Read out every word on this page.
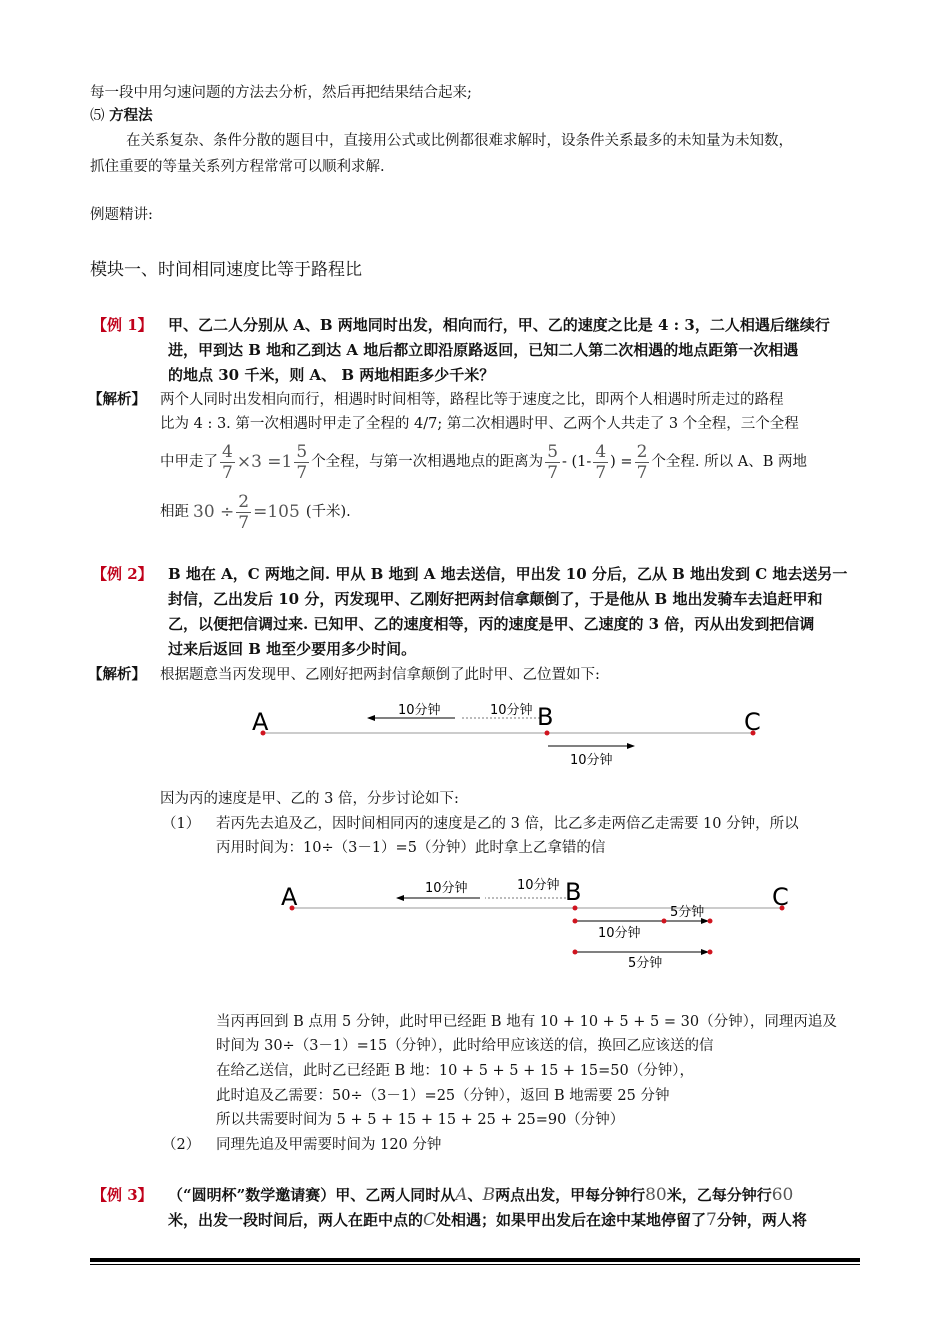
每一段中用匀速问题的方法去分析，然后再把结果结合起来;
⑸ 方程法
在关系复杂、条件分散的题目中，直接用公式或比例都很难求解时，设条件关系最多的未知量为未知数，
抓住重要的等量关系列方程常常可以顺利求解.
例题精讲:
模块一、时间相同速度比等于路程比
【例 1】 甲、乙二人分别从 A、B 两地同时出发，相向而行，甲、乙的速度之比是 4 : 3，二人相遇后继续行
进，甲到达 B 地和乙到达 A 地后都立即沿原路返回，已知二人第二次相遇的地点距第一次相遇
的地点 30 千米，则 A、 B 两地相距多少千米？
【解析】 两个人同时出发相向而行，相遇时时间相等，路程比等于速度之比，即两个人相遇时所走过的路程
比为 4 : 3. 第一次相遇时甲走了全程的 4/7; 第二次相遇时甲、乙两个人共走了 3 个全程，三个全程
中甲走了 $\frac{4}{7} \times 3 =1 \frac{5}{7}$ 个全程，与第一次相遇地点的距离为 $\frac{5}{7} - (1- \frac{4}{7}$ ) = $\frac{2}{7}$ 个全程. 所以 A、B 两地
相距 $30 \div \frac{2}{7} =105$ (千米).
【例 2】 B 地在 A，C 两地之间. 甲从 B 地到 A 地去送信，甲出发 10 分后，乙从 B 地出发到 C 地去送另一
封信，乙出发后 10 分，丙发现甲、乙刚好把两封信拿颠倒了，于是他从 B 地出发骑车去追赶甲和
乙，以便把信调过来. 已知甲、乙的速度相等，丙的速度是甲、乙速度的 3 倍，丙从出发到把信调
过来后返回 B 地至少要用多少时间。
【解析】 根据题意当丙发现甲、乙刚好把两封信拿颠倒了此时甲、乙位置如下:
A	B	C
10分钟	10分钟
10分钟
因为丙的速度是甲、乙的 3 倍，分步讨论如下:
（1） 若丙先去追及乙，因时间相同丙的速度是乙的 3 倍，比乙多走两倍乙走需要 10 分钟，所以
丙用时间为：10÷（3－1）=5（分钟）此时拿上乙拿错的信
A	B	C
10分钟	10分钟
5分钟
10分钟
5分钟
当丙再回到 B 点用 5 分钟，此时甲已经距 B 地有 10 + 10 + 5 + 5 = 30（分钟），同理丙追及
时间为 30÷（3－1）=15（分钟），此时给甲应该送的信，换回乙应该送的信
在给乙送信，此时乙已经距 B 地：10 + 5 + 5 + 15 + 15=50（分钟），
此时追及乙需要：50÷（3－1）=25（分钟），返回 B 地需要 25 分钟
所以共需要时间为 5 + 5 + 15 + 15 + 25 + 25=90（分钟）
（2） 同理先追及甲需要时间为 120 分钟
【例 3】 （“圆明杯”数学邀请赛）甲、乙两人同时从A、B两点出发，甲每分钟行80米，乙每分钟行60
米，出发一段时间后，两人在距中点的C处相遇；如果甲出发后在途中某地停留了7分钟，两人将
